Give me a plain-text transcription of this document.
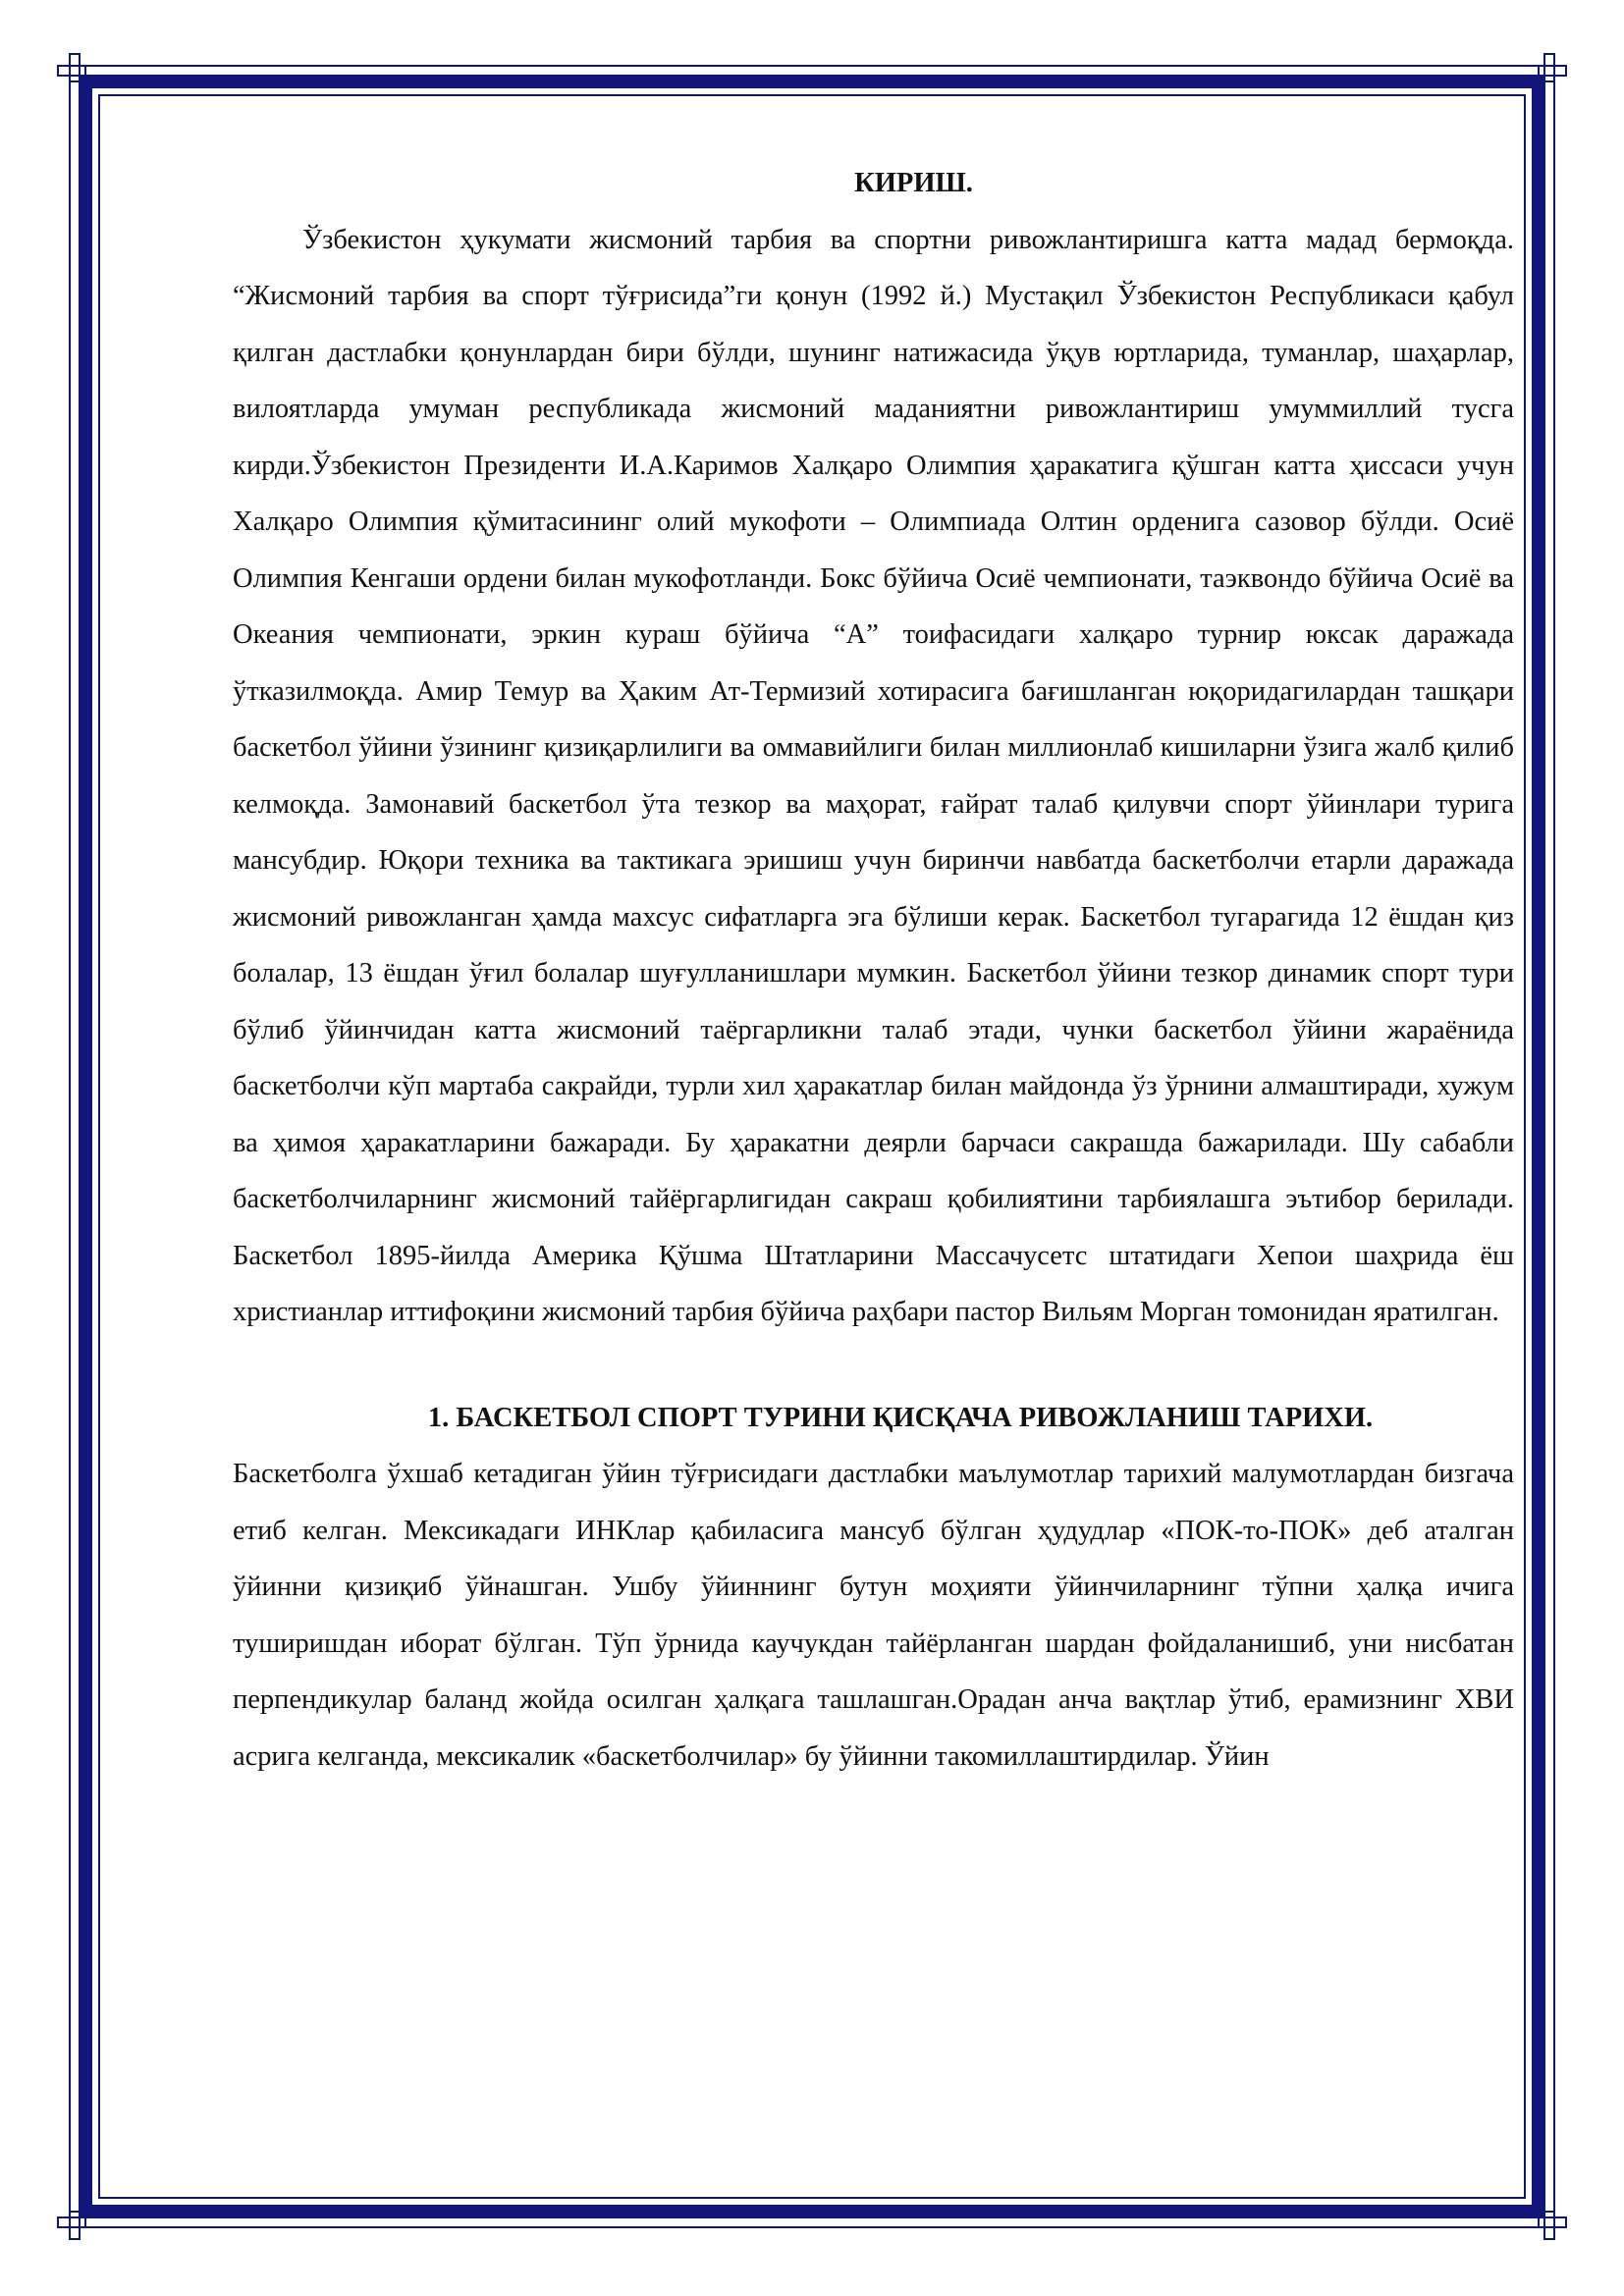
КИРИШ.

Ўзбекистон ҳукумати жисмоний тарбия ва спортни ривожлантиришга катта мадад бермоқда. “Жисмоний тарбия ва спорт тўғрисида”ги қонун (1992 й.) Мустақил Ўзбекистон Республикаси қабул қилган дастлабки қонунлардан бири бўлди, шунинг натижасида ўқув юртларида, туманлар, шаҳарлар, вилоятларда умуман республикада жисмоний маданиятни ривожлантириш умуммиллий тусга кирди.Ўзбекистон Президенти И.А.Каримов Халқаро Олимпия ҳаракатига қўшган катта ҳиссаси учун Халқаро Олимпия қўмитасининг олий мукофоти – Олимпиада Олтин орденига сазовор бўлди. Осиё Олимпия Кенгаши ордени билан мукофотланди. Бокс бўйича Осиё чемпионати, таэквондо бўйича Осиё ва Океания чемпионати, эркин кураш бўйича “А” тоифасидаги халқаро турнир юксак даражада ўтказилмоқда. Амир Темур ва Ҳаким Ат-Термизий хотирасига бағишланган юқоридагилардан ташқари баскетбол ўйини ўзининг қизиқарлилиги ва оммавийлиги билан миллионлаб кишиларни ўзига жалб қилиб келмоқда. Замонавий баскетбол ўта тезкор ва маҳорат, ғайрат талаб қилувчи спорт ўйинлари турига мансубдир. Юқори техника ва тактикага эришиш учун биринчи навбатда баскетболчи етарли даражада жисмоний ривожланган ҳамда махсус сифатларга эга бўлиши керак. Баскетбол тугарагида 12 ёшдан қиз болалар, 13 ёшдан ўғил болалар шуғулланишлари мумкин. Баскетбол ўйини тезкор динамик спорт тури бўлиб ўйинчидан катта жисмоний таёргарликни талаб этади, чунки баскетбол ўйини жараёнида баскетболчи кўп мартаба сакрайди, турли хил ҳаракатлар билан майдонда ўз ўрнини алмаштиради, хужум ва ҳимоя ҳаракатларини бажаради. Бу ҳаракатни деярли барчаси сакрашда бажарилади. Шу сабабли баскетболчиларнинг жисмоний тайёргарлигидан сакраш қобилиятини тарбиялашга эътибор берилади. Баскетбол 1895-йилда Америка Қўшма Штатларини Массачусетс штатидаги Хепои шаҳрида ёш христианлар иттифоқини жисмоний тарбия бўйича раҳбари пастор Вильям Морган томонидан яратилган.

1. БАСКЕТБОЛ СПОРТ ТУРИНИ ҚИСҚАЧА РИВОЖЛАНИШ ТАРИХИ.

Баскетболга ўхшаб кетадиган ўйин тўғрисидаги дастлабки маълумотлар тарихий малумотлардан бизгача етиб келган. Мексикадаги ИНКлар қабиласига мансуб бўлган ҳудудлар «ПОК-то-ПОК» деб аталган ўйинни қизиқиб ўйнашган. Ушбу ўйиннинг бутун моҳияти ўйинчиларнинг тўпни ҳалқа ичига туширишдан иборат бўлган. Тўп ўрнида каучукдан тайёрланган шардан фойдаланишиб, уни нисбатан перпендикулар баланд жойда осилган ҳалқага ташлашган.Орадан анча вақтлар ўтиб, ерамизнинг ХВИ асрига келганда, мексикалик «баскетболчилар» бу ўйинни такомиллаштирдилар. Ўйин
